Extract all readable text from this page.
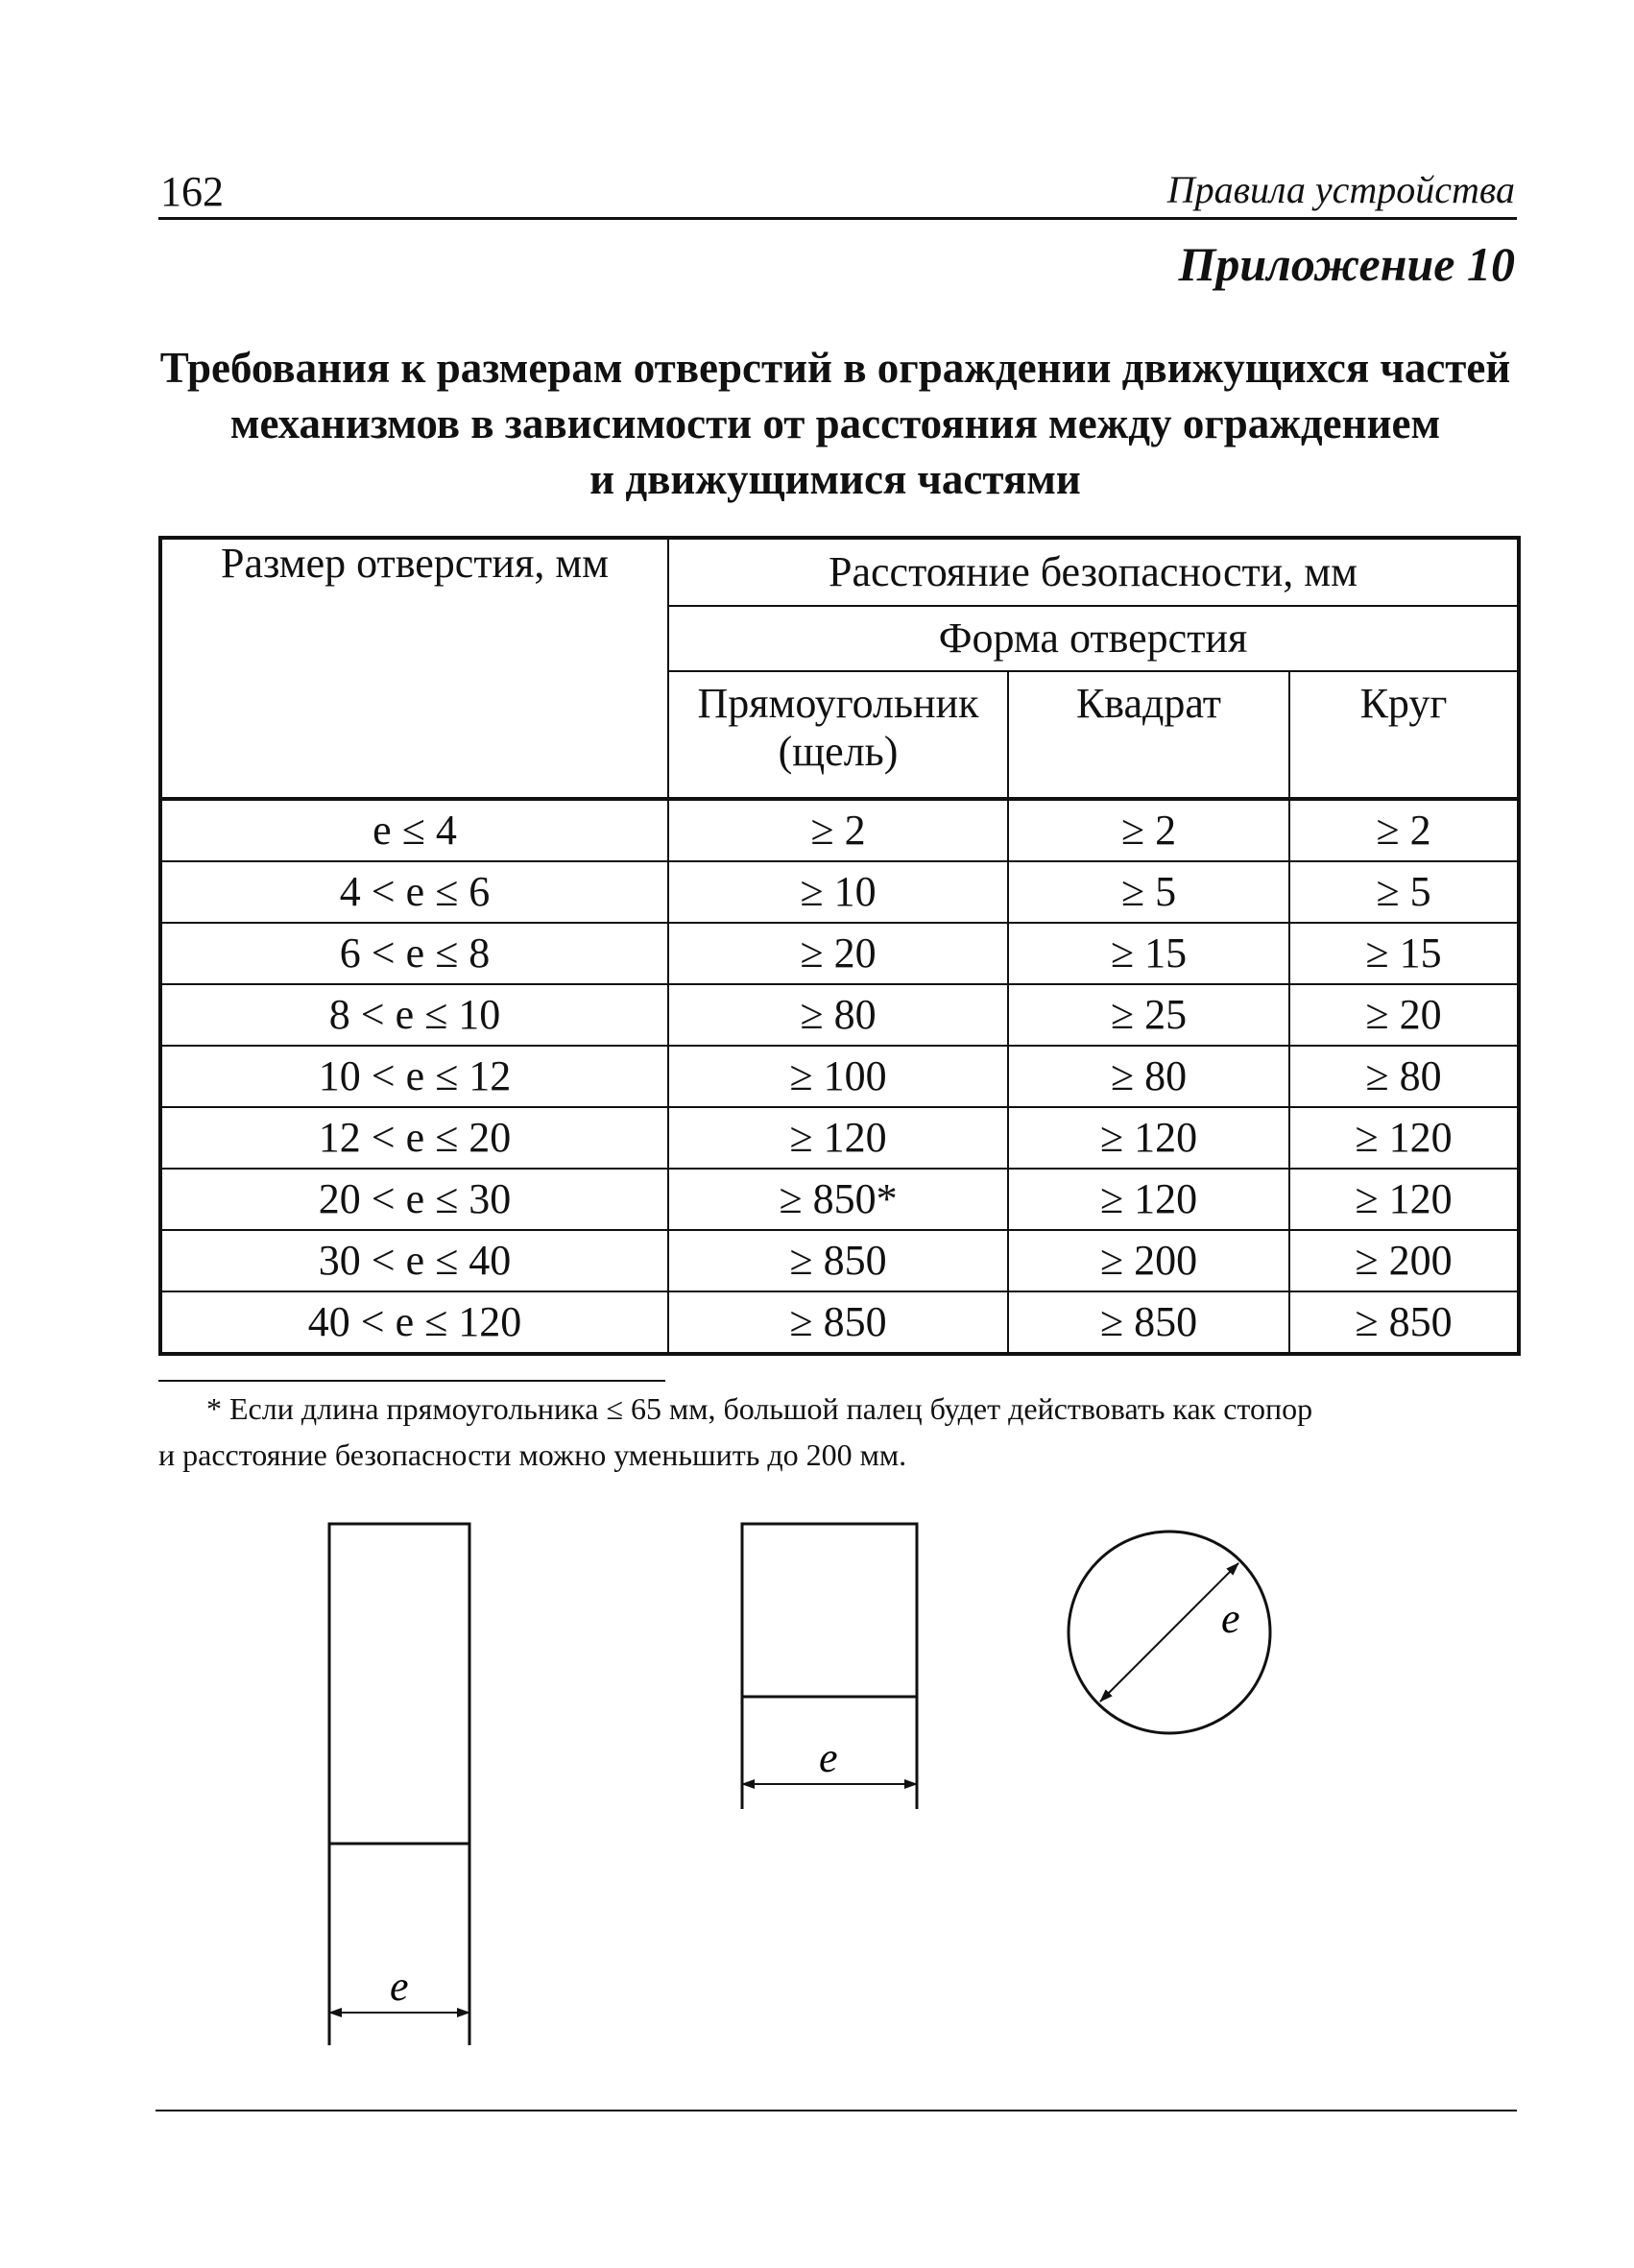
162	Правила устройства
Приложение 10
Требования к размерам отверстий в ограждении движущихся частей
механизмов в зависимости от расстояния между ограждением
и движущимися частями
Размер отверстия, мм	Расстояние безопасности, мм		
	Форма отверстия		

	Прямоугольник
(щель)	Квадрат	Круг
e ≤ 4	≥ 2	≥ 2	≥ 2
4 < e ≤ 6	≥ 10	≥ 5	≥ 5
6 < e ≤ 8	≥ 20	≥ 15	≥ 15
8 < e ≤ 10	≥ 80	≥ 25	≥ 20
10 < e ≤ 12	≥ 100	≥ 80	≥ 80
12 < e ≤ 20	≥ 120	≥ 120	≥ 120
20 < e ≤ 30	≥ 850*	≥ 120	≥ 120
30 < e ≤ 40	≥ 850	≥ 200	≥ 200
40 < e ≤ 120	≥ 850	≥ 850	≥ 850

* Если длина прямоугольника ≤ 65 мм, большой палец будет действовать как стопор

и расстояние безопасности можно уменьшить до 200 мм.

e
e
e
